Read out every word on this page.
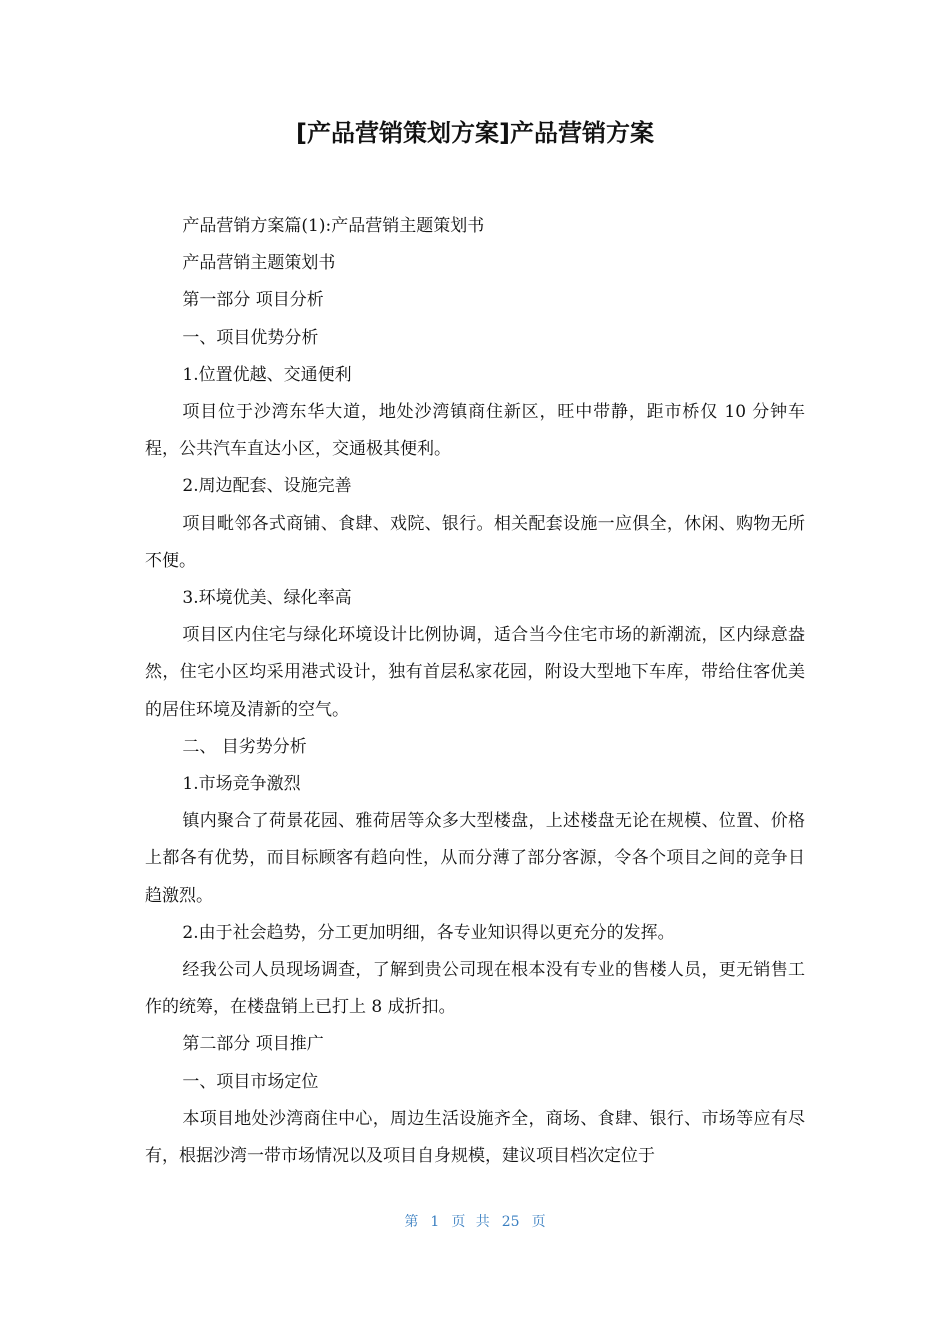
[产品营销策划方案]产品营销方案

产品营销方案篇(1):产品营销主题策划书

产品营销主题策划书

第一部分 项目分析

一、项目优势分析

1.位置优越、交通便利

项目位于沙湾东华大道，地处沙湾镇商住新区，旺中带静，距市桥仅 10 分钟车程，公共汽车直达小区，交通极其便利。

2.周边配套、设施完善

项目毗邻各式商铺、食肆、戏院、银行。相关配套设施一应俱全，休闲、购物无所不便。

3.环境优美、绿化率高

项目区内住宅与绿化环境设计比例协调，适合当今住宅市场的新潮流，区内绿意盎然，住宅小区均采用港式设计，独有首层私家花园，附设大型地下车库，带给住客优美的居住环境及清新的空气。

二、 目劣势分析

1.市场竞争激烈

镇内聚合了荷景花园、雅荷居等众多大型楼盘，上述楼盘无论在规模、位置、价格上都各有优势，而目标顾客有趋向性，从而分薄了部分客源，令各个项目之间的竞争日趋激烈。

2.由于社会趋势，分工更加明细，各专业知识得以更充分的发挥。

经我公司人员现场调查，了解到贵公司现在根本没有专业的售楼人员，更无销售工作的统筹，在楼盘销上已打上 8 成折扣。

第二部分 项目推广

一、项目市场定位

本项目地处沙湾商住中心，周边生活设施齐全，商场、食肆、银行、市场等应有尽有，根据沙湾一带市场情况以及项目自身规模，建议项目档次定位于

第 1 页 共 25 页
